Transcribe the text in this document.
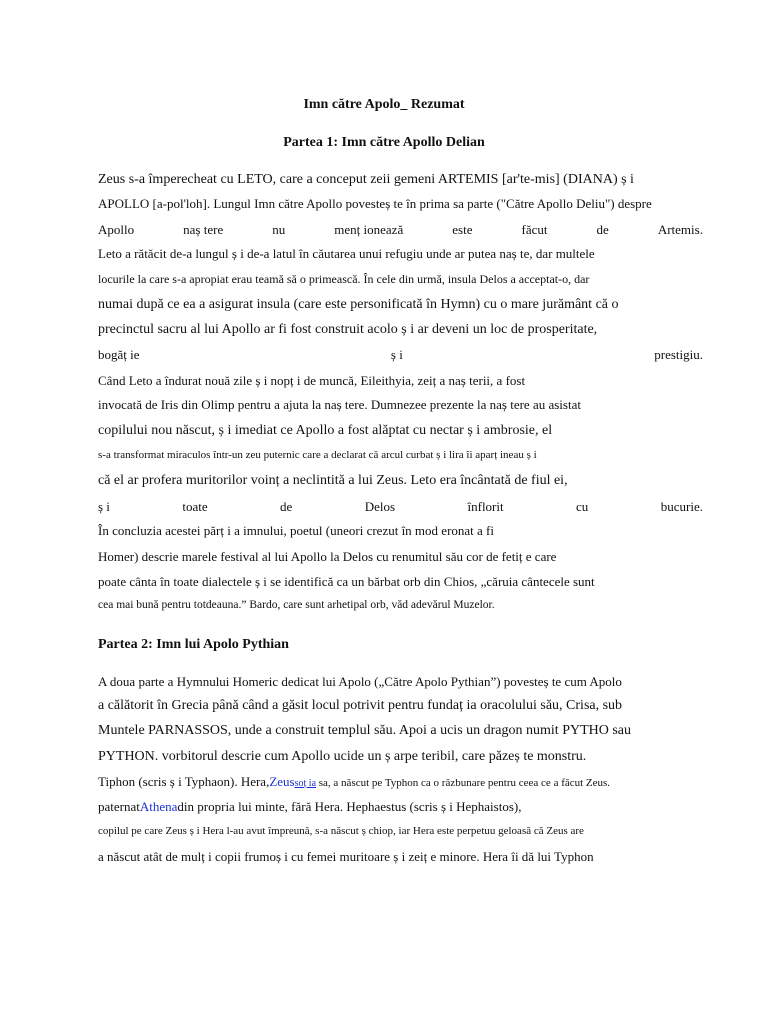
Imn către Apolo_ Rezumat
Partea 1: Imn către Apollo Delian
Zeus s-a împerecheat cu LETO, care a conceput zeii gemeni ARTEMIS [ar'te-mis] (DIANA) ș i
APOLLO [a-pol'loh]. Lungul Imn către Apollo povesteș te în prima sa parte ("Către Apollo Deliu") despre
Apollo	naș tere	nu	menț ionează	este	făcut	de	Artemis.
Leto a rătăcit de-a lungul ș i de-a latul în căutarea unui refugiu unde ar putea naș te, dar multele
locurile la care s-a apropiat erau teamă să o primească. În cele din urmă, insula Delos a acceptat-o, dar
numai după ce ea a asigurat insula (care este personificată în Hymn) cu o mare jurământ că o
precinctul sacru al lui Apollo ar fi fost construit acolo ș i ar deveni un loc de prosperitate,
bogăț ie	ș i	prestigiu.
Când Leto a îndurat nouă zile ș i nopț i de muncă, Eileithyia, zeiț a naș terii, a fost
invocată de Iris din Olimp pentru a ajuta la naș tere. Dumnezee prezente la naș tere au asistat
copilului nou născut, ș i imediat ce Apollo a fost alăptat cu nectar ș i ambrosie, el
s-a transformat miraculos într-un zeu puternic care a declarat că arcul curbat ș i lira îi aparț ineau ș i
că el ar profera muritorilor voinț a neclintită a lui Zeus. Leto era încântată de fiul ei,
ș i	toate	de	Delos	înflorit	cu	bucurie.
În concluzia acestei părț i a imnului, poetul (uneori crezut în mod eronat a fi
Homer) descrie marele festival al lui Apollo la Delos cu renumitul său cor de fetiț e care
poate cânta în toate dialectele ș i se identifică ca un bărbat orb din Chios, „căruia cântecele sunt
cea mai bună pentru totdeauna.” Bardo, care sunt arhetipal orb, văd adevărul Muzelor.
Partea 2: Imn lui Apolo Pythian
A doua parte a Hymnului Homeric dedicat lui Apolo („Către Apolo Pythian”) povesteș te cum Apolo
a călătorit în Grecia până când a găsit locul potrivit pentru fundaț ia oracolului său, Crisa, sub
Muntele PARNASSOS, unde a construit templul său. Apoi a ucis un dragon numit PYTHO sau
PYTHON. vorbitorul descrie cum Apollo ucide un ș arpe teribil, care păzeș te monstru.
Tiphon (scris ș i Typhaon). Hera,Zeussoț ia sa, a născut pe Typhon ca o răzbunare pentru ceea ce a făcut Zeus.
paternatAthenadin propria lui minte, fără Hera. Hephaestus (scris ș i Hephaistos),
copilul pe care Zeus ș i Hera l-au avut împreună, s-a născut ș chiop, iar Hera este perpetuu geloasă că Zeus are
a născut atât de mulț i copii frumoș i cu femei muritoare ș i zeiț e minore. Hera îi dă lui Typhon
